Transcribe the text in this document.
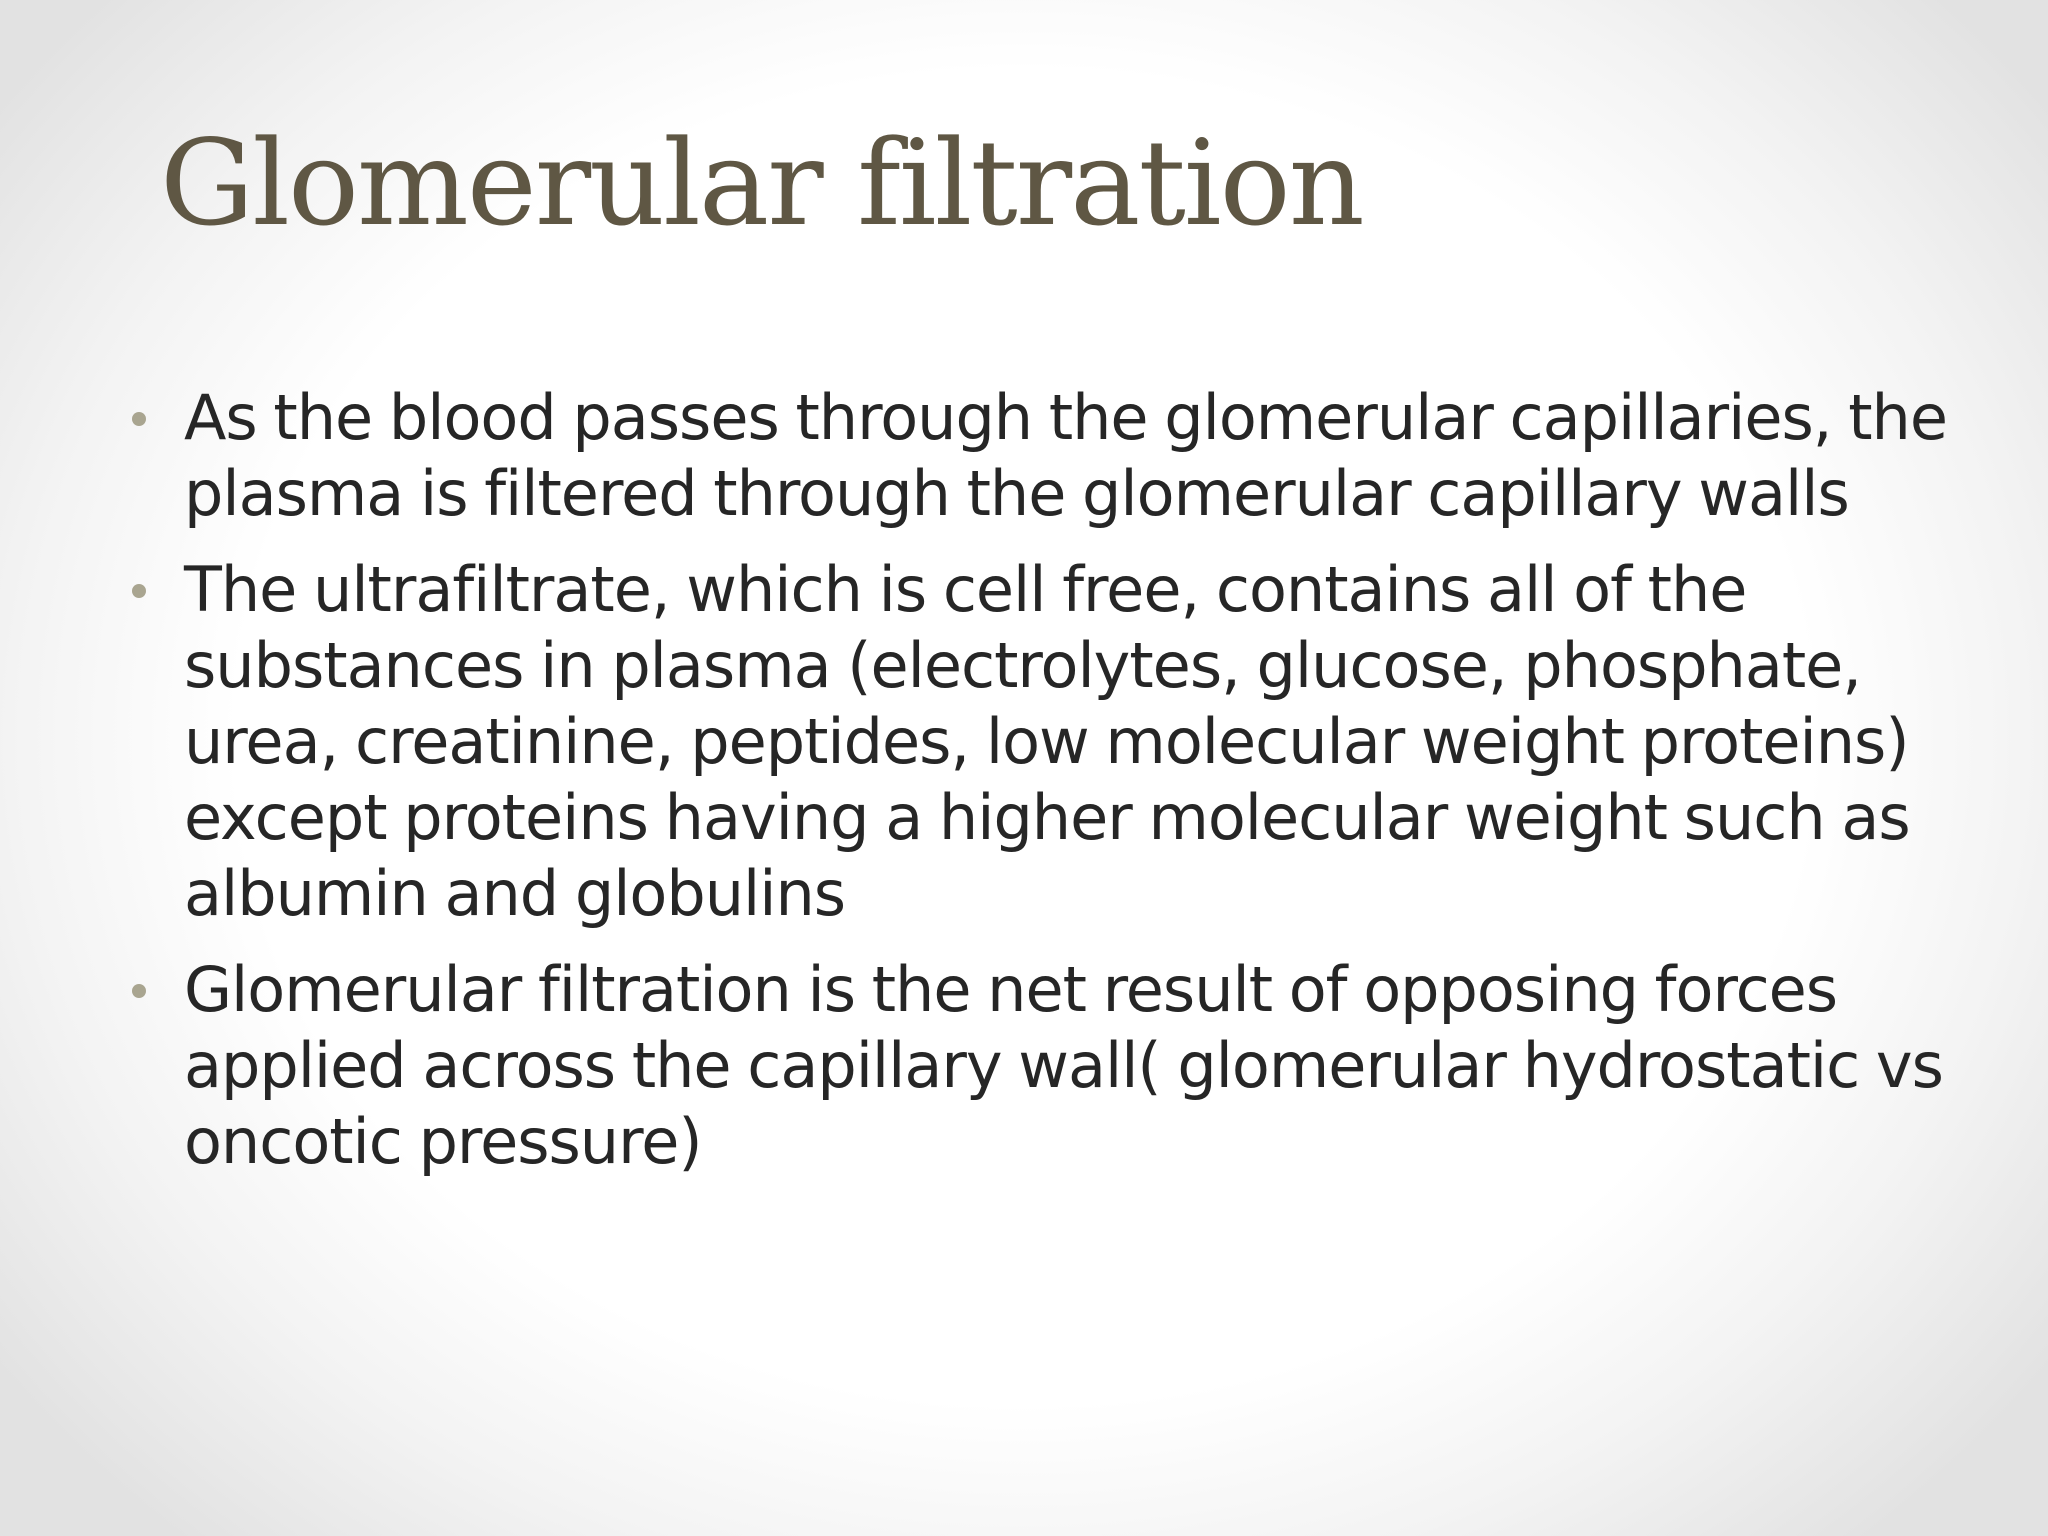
Glomerular filtration
As the blood passes through the glomerular capillaries, the plasma is filtered through the glomerular capillary walls
The ultrafiltrate, which is cell free, contains all of the substances in plasma (electrolytes, glucose, phosphate, urea, creatinine, peptides, low molecular weight proteins) except proteins having a higher molecular weight such as albumin and globulins
Glomerular filtration is the net result of opposing forces applied across the capillary wall( glomerular hydrostatic vs oncotic pressure)
